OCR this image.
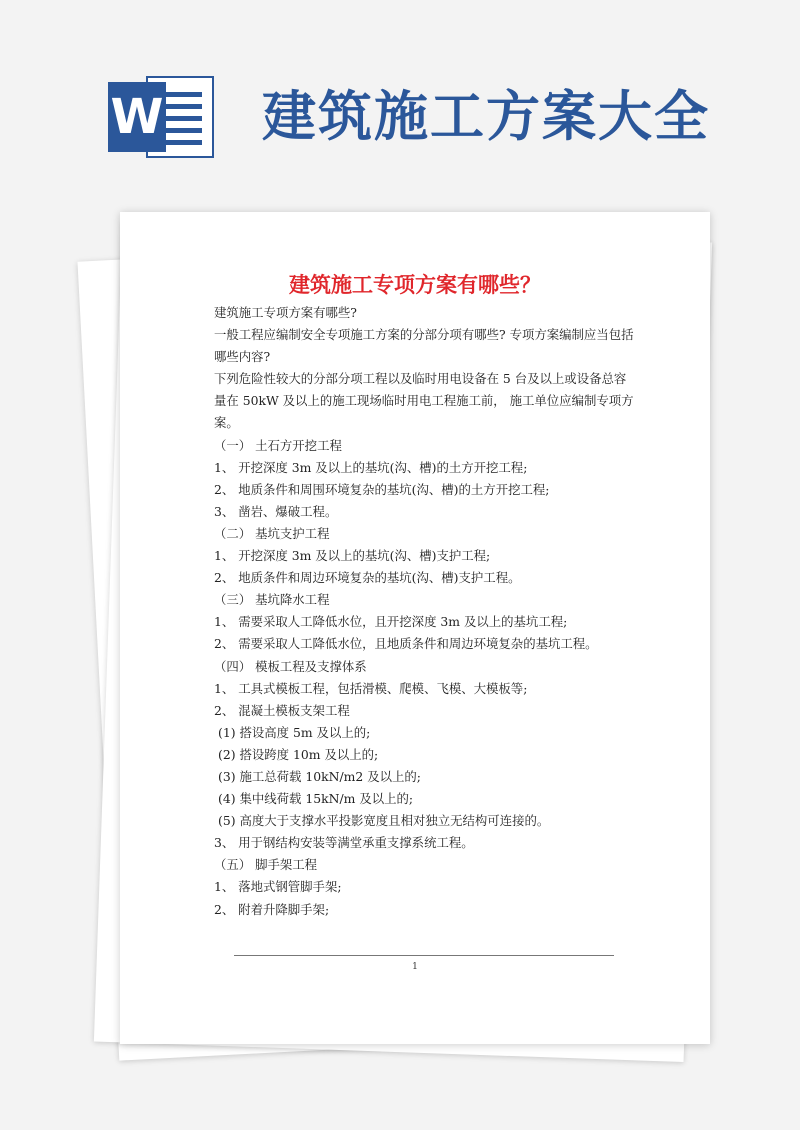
W 建筑施工方案大全
建筑施工专项方案有哪些？
建筑施工专项方案有哪些?
一般工程应编制安全专项施工方案的分部分项有哪些? 专项方案编制应当包括哪些内容?
下列危险性较大的分部分项工程以及临时用电设备在 5 台及以上或设备总容量在 50kW 及以上的施工现场临时用电工程施工前， 施工单位应编制专项方案。
（一） 土石方开挖工程
1、 开挖深度 3m 及以上的基坑(沟、槽)的土方开挖工程;
2、 地质条件和周围环境复杂的基坑(沟、槽)的土方开挖工程;
3、 凿岩、爆破工程。
（二） 基坑支护工程
1、 开挖深度 3m 及以上的基坑(沟、槽)支护工程;
2、 地质条件和周边环境复杂的基坑(沟、槽)支护工程。
（三） 基坑降水工程
1、 需要采取人工降低水位，且开挖深度 3m 及以上的基坑工程;
2、 需要采取人工降低水位，且地质条件和周边环境复杂的基坑工程。
（四） 模板工程及支撑体系
1、 工具式模板工程，包括滑模、爬模、飞模、大模板等;
2、 混凝土模板支架工程
(1) 搭设高度 5m 及以上的;
(2) 搭设跨度 10m 及以上的;
(3) 施工总荷载 10kN/m2 及以上的;
(4) 集中线荷载 15kN/m 及以上的;
(5) 高度大于支撑水平投影宽度且相对独立无结构可连接的。
3、 用于钢结构安装等满堂承重支撑系统工程。
（五） 脚手架工程
1、 落地式钢管脚手架;
2、 附着升降脚手架;
1
